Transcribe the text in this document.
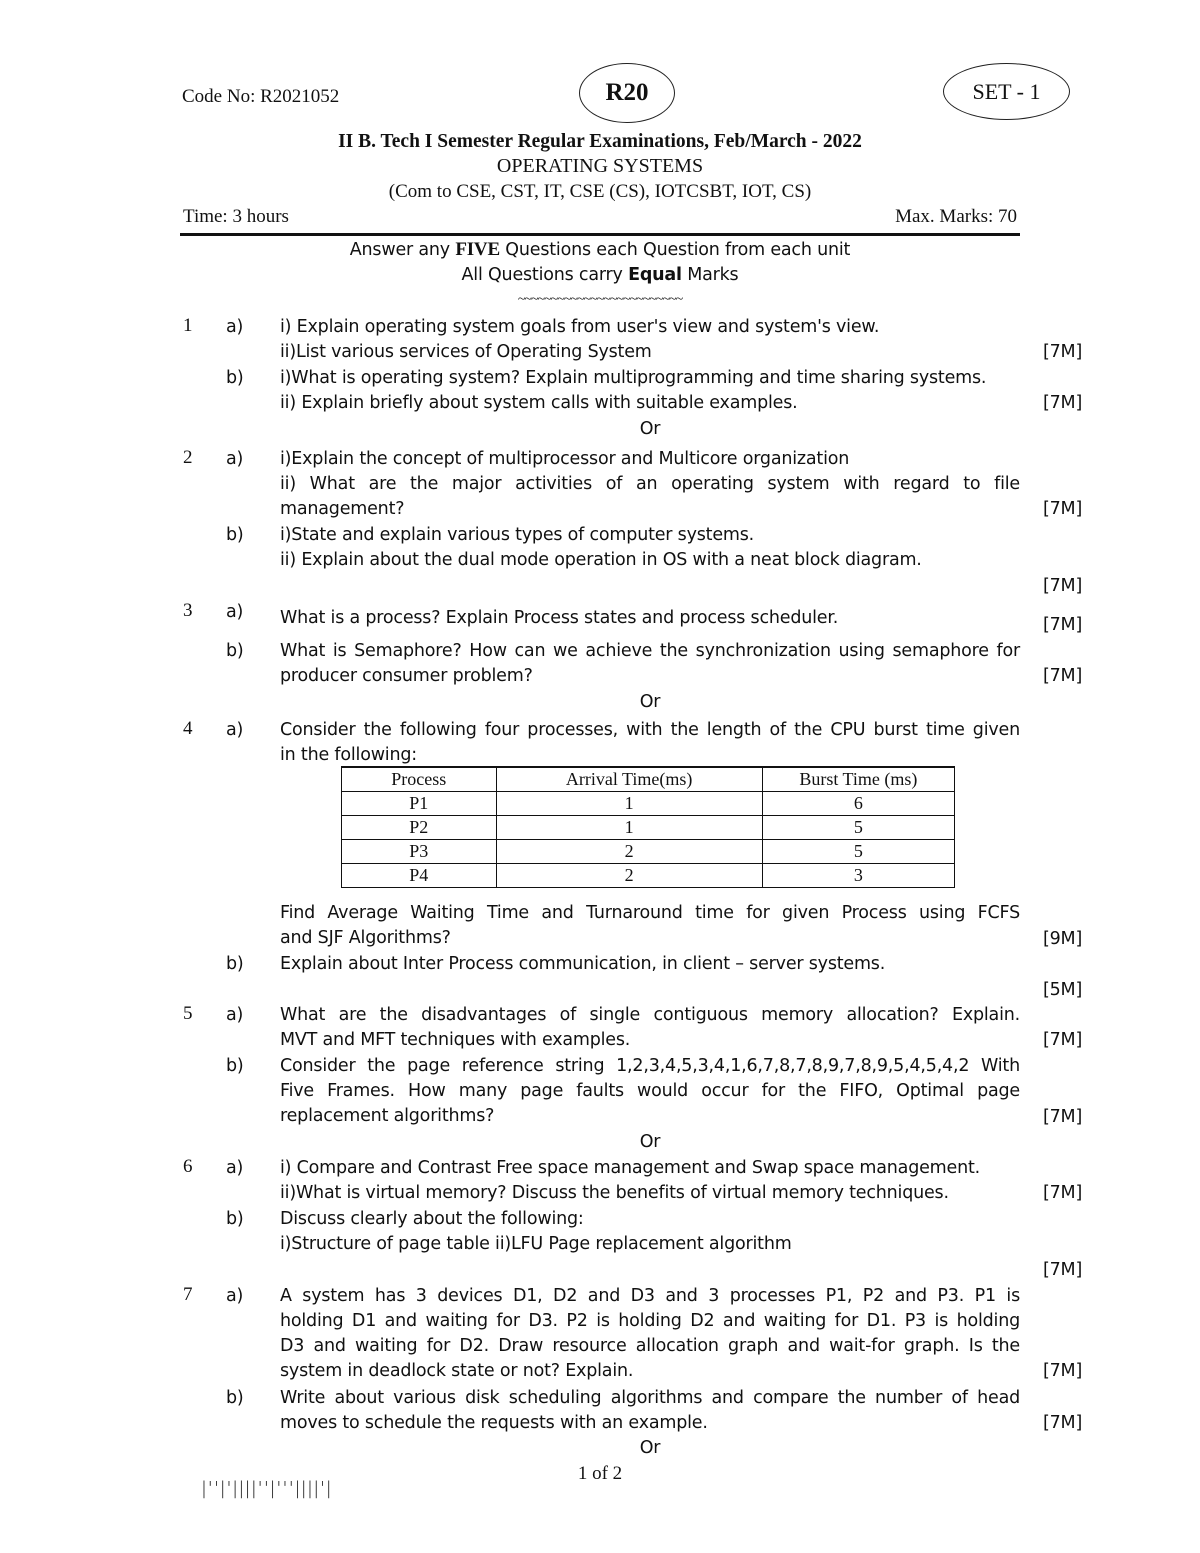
Code No: R2021052	R20	SET - 1
II B. Tech I Semester Regular Examinations, Feb/March - 2022
OPERATING SYSTEMS
(Com to CSE, CST, IT, CSE (CS), IOTCSBT, IOT, CS)
Time: 3 hours	Max. Marks: 70
Answer any FIVE Questions each Question from each unit
All Questions carry Equal Marks
~~~~~~~~~~~~~~~~~~~~~~~~~
1 a) i) Explain operating system goals from user's view and system's view.
ii)List various services of Operating System	[7M]
b) i)What is operating system? Explain multiprogramming and time sharing systems.
ii) Explain briefly about system calls with suitable examples.	[7M]
Or
2 a) i)Explain the concept of multiprocessor and Multicore organization
ii) What are the major activities of an operating system with regard to file
management?	[7M]
b) i)State and explain various types of computer systems.
ii) Explain about the dual mode operation in OS with a neat block diagram.
[7M]
3 a) What is a process? Explain Process states and process scheduler.	[7M]
b) What is Semaphore? How can we achieve the synchronization using semaphore for
producer consumer problem?	[7M]
Or
4 a) Consider the following four processes, with the length of the CPU burst time given
in the following:
Process	Arrival Time(ms)	Burst Time (ms)
P1	1	6
P2	1	5
P3	2	5
P4	2	3
Find Average Waiting Time and Turnaround time for given Process using FCFS
and SJF Algorithms?	[9M]
b) Explain about Inter Process communication, in client – server systems.
[5M]
5 a) What are the disadvantages of single contiguous memory allocation? Explain.
MVT and MFT techniques with examples.	[7M]
b) Consider the page reference string 1,2,3,4,5,3,4,1,6,7,8,7,8,9,7,8,9,5,4,5,4,2 With
Five Frames. How many page faults would occur for the FIFO, Optimal page
replacement algorithms?	[7M]
Or
6 a) i) Compare and Contrast Free space management and Swap space management.
ii)What is virtual memory? Discuss the benefits of virtual memory techniques.	[7M]
b) Discuss clearly about the following:
i)Structure of page table ii)LFU Page replacement algorithm
[7M]
7 a) A system has 3 devices D1, D2 and D3 and 3 processes P1, P2 and P3. P1 is
holding D1 and waiting for D3. P2 is holding D2 and waiting for D1. P3 is holding
D3 and waiting for D2. Draw resource allocation graph and wait-for graph. Is the
system in deadlock state or not? Explain.	[7M]
b) Write about various disk scheduling algorithms and compare the number of head
moves to schedule the requests with an example.	[7M]
Or
1 of 2
|''|'||||''|'''||||'|
